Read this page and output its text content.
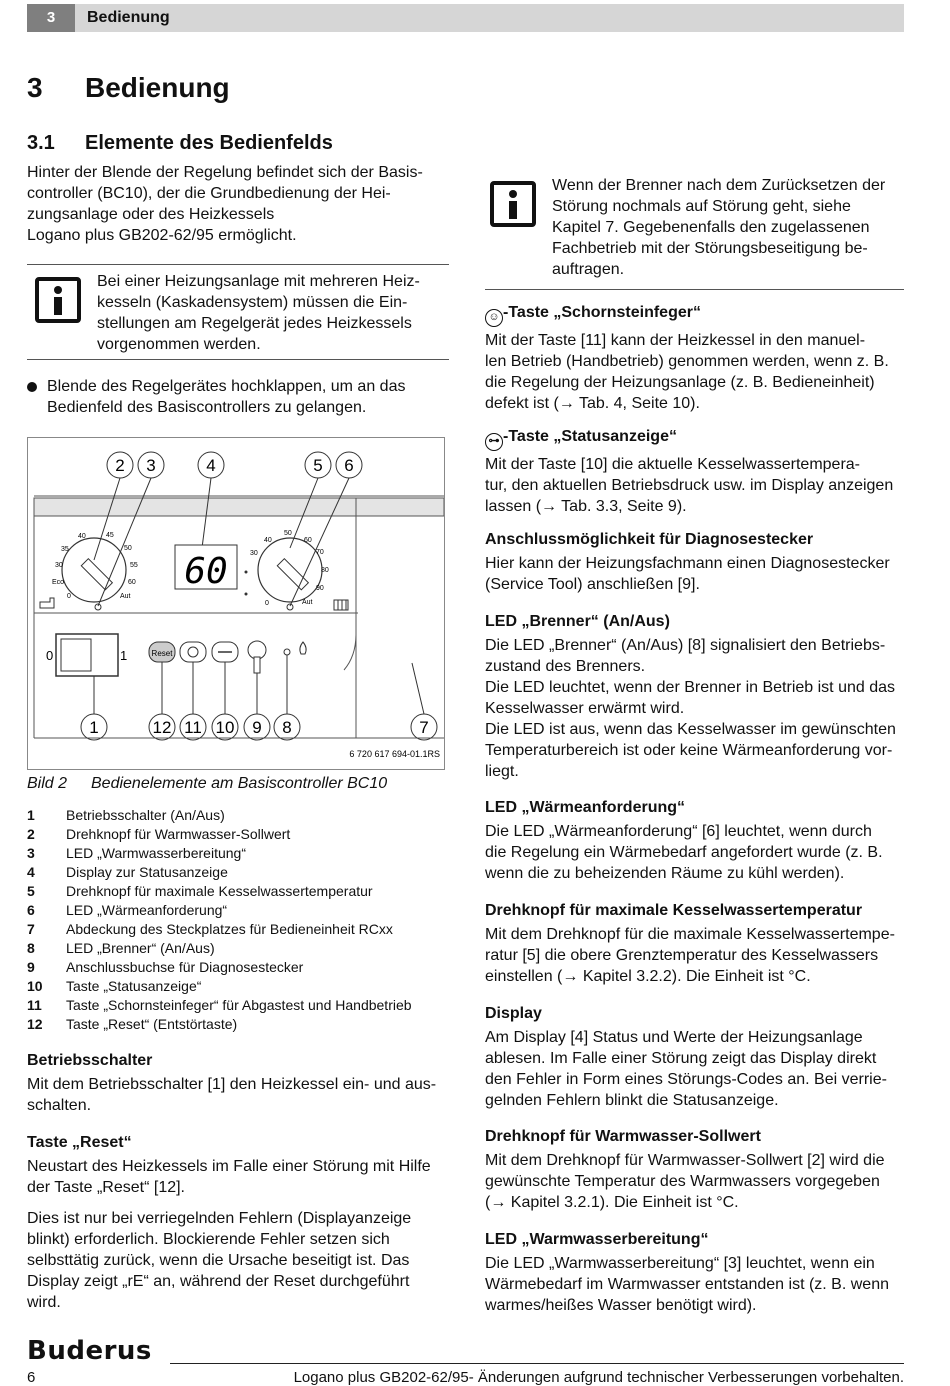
3	Bedienung
3 Bedienung
3.1 Elemente des Bedienfelds

Hinter der Blende der Regelung befindet sich der Basis-

controller (BC10), der die Grundbedienung der Hei-

zungsanlage oder des Heizkessels

Logano plus GB202-62/95 ermöglicht.

Bei einer Heizungsanlage mit mehreren Heiz-
kesseln (Kaskadensystem) müssen die Ein-
stellungen am Regelgerät jedes Heizkessels
vorgenommen werden.
Blende des Regelgerätes hochklappen, um an das
Bedienfeld des Basiscontrollers zu gelangen.
2 3	4	5 6
40	45
35	50
30	55
Eco	60
0	Aut
60
50
40	60
30	70
80
90
0	Aut
0	1	Reset
1	12 11 10 9 8	7
6 720 617 694-01.1RS
Bild 2 Bedienelemente am Basiscontroller BC10
1 Betriebsschalter (An/Aus)
2 Drehknopf für Warmwasser-Sollwert
3 LED „Warmwasserbereitung“
4 Display zur Statusanzeige
5 Drehknopf für maximale Kesselwassertemperatur
6 LED „Wärmeanforderung“
7 Abdeckung des Steckplatzes für Bedieneinheit RCxx
8 LED „Brenner“ (An/Aus)
9 Anschlussbuchse für Diagnosestecker
10 Taste „Statusanzeige“
11 Taste „Schornsteinfeger“ für Abgastest und Handbetrieb
12 Taste „Reset“ (Entstörtaste)
Betriebsschalter

Mit dem Betriebsschalter [1] den Heizkessel ein- und aus-

schalten.

Taste „Reset“

Neustart des Heizkessels im Falle einer Störung mit Hilfe

der Taste „Reset“ [12].

Dies ist nur bei verriegelnden Fehlern (Displayanzeige

blinkt) erforderlich. Blockierende Fehler setzen sich

selbsttätig zurück, wenn die Ursache beseitigt ist. Das

Display zeigt „rE“ an, während der Reset durchgeführt

wird.

Wenn der Brenner nach dem Zurücksetzen der
Störung nochmals auf Störung geht, siehe
Kapitel 7. Gegebenenfalls den zugelassenen
Fachbetrieb mit der Störungsbeseitigung be-
auftragen.
☺ -Taste „Schornsteinfeger“

Mit der Taste [11] kann der Heizkessel in den manuel-

len Betrieb (Handbetrieb) genommen werden, wenn z. B.

die Regelung der Heizungsanlage (z. B. Bedieneinheit)

defekt ist (→ Tab. 4, Seite 10).

⊶ -Taste „Statusanzeige“

Mit der Taste [10] die aktuelle Kesselwassertempera-

tur, den aktuellen Betriebsdruck usw. im Display anzeigen

lassen (→ Tab. 3.3, Seite 9).

Anschlussmöglichkeit für Diagnosestecker

Hier kann der Heizungsfachmann einen Diagnosestecker

(Service Tool) anschließen [9].

LED „Brenner“ (An/Aus)

Die LED „Brenner“ (An/Aus) [8] signalisiert den Betriebs-

zustand des Brenners.

Die LED leuchtet, wenn der Brenner in Betrieb ist und das

Kesselwasser erwärmt wird.

Die LED ist aus, wenn das Kesselwasser im gewünschten

Temperaturbereich ist oder keine Wärmeanforderung vor-

liegt.

LED „Wärmeanforderung“

Die LED „Wärmeanforderung“ [6] leuchtet, wenn durch

die Regelung ein Wärmebedarf angefordert wurde (z. B.

wenn die zu beheizenden Räume zu kühl werden).

Drehknopf für maximale Kesselwassertemperatur

Mit dem Drehknopf für die maximale Kesselwassertempe-

ratur [5] die obere Grenztemperatur des Kesselwassers

einstellen (→ Kapitel 3.2.2). Die Einheit ist °C.

Display

Am Display [4] Status und Werte der Heizungsanlage

ablesen. Im Falle einer Störung zeigt das Display direkt

den Fehler in Form eines Störungs-Codes an. Bei verrie-

gelnden Fehlern blinkt die Statusanzeige.

Drehknopf für Warmwasser-Sollwert

Mit dem Drehknopf für Warmwasser-Sollwert [2] wird die

gewünschte Temperatur des Warmwassers vorgegeben

(→ Kapitel 3.2.1). Die Einheit ist °C.

LED „Warmwasserbereitung“

Die LED „Warmwasserbereitung“ [3] leuchtet, wenn ein

Wärmebedarf im Warmwasser entstanden ist (z. B. wenn

warmes/heißes Wasser benötigt wird).

Buderus
6	Logano plus GB202-62/95- Änderungen aufgrund technischer Verbesserungen vorbehalten.
